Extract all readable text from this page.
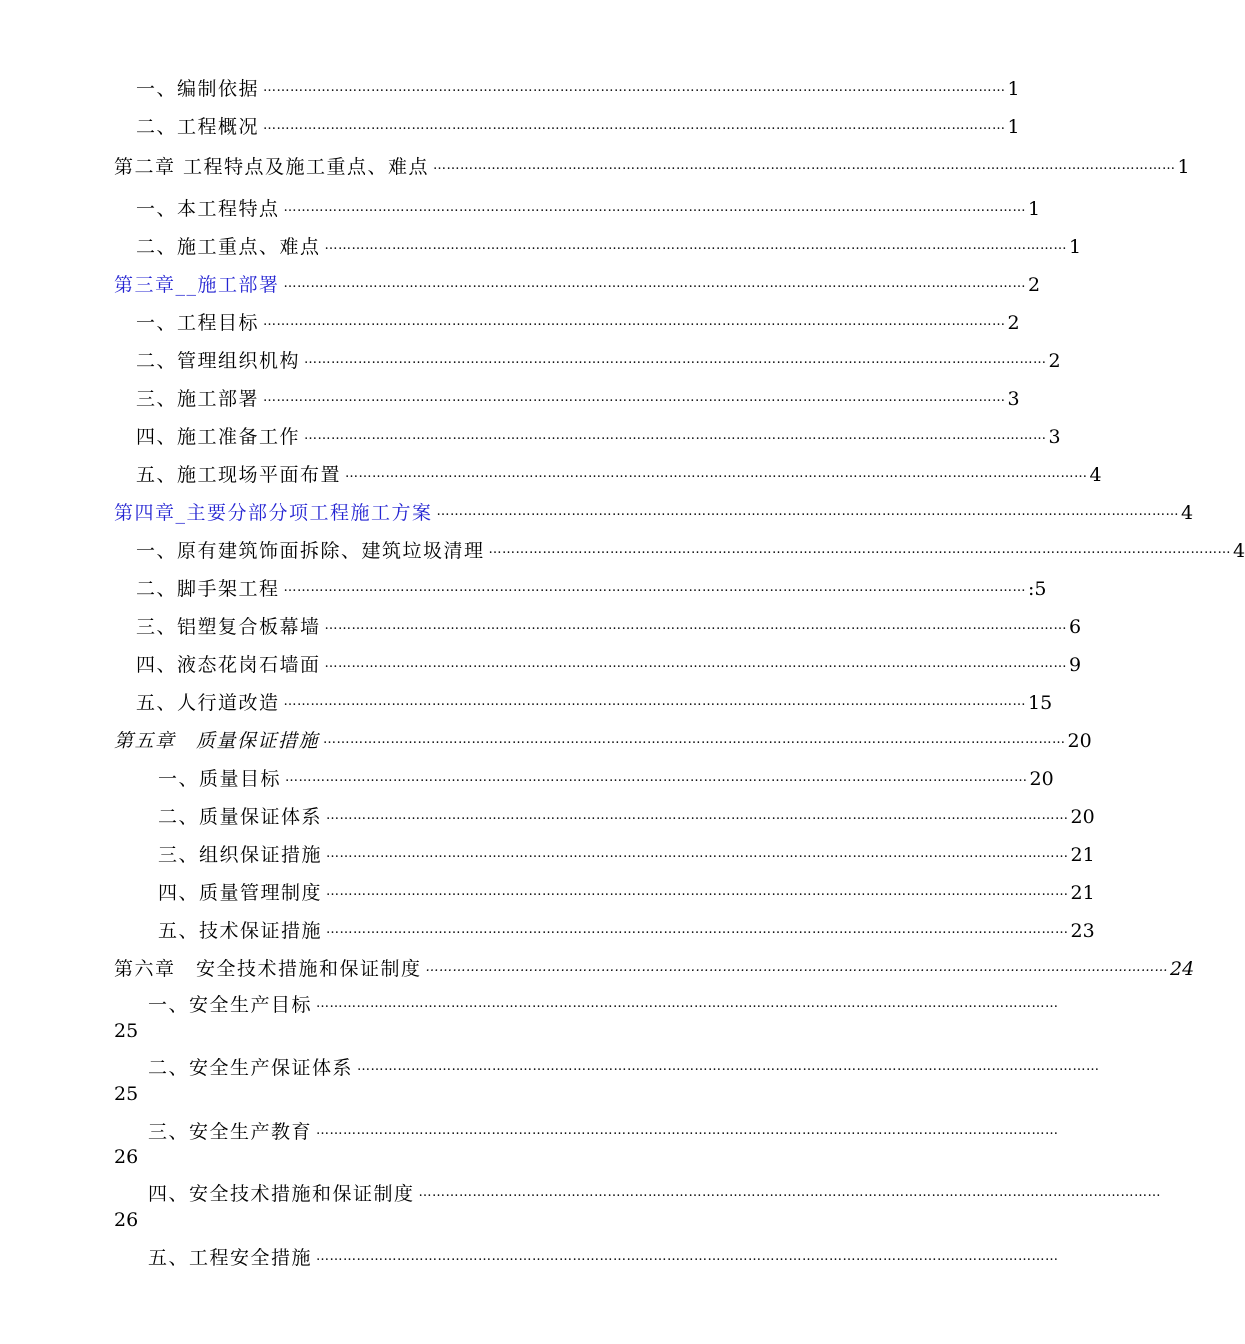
一、编制依据 ………………………………………………………………………………………………………………………………………………… 1
二、工程概况 ………………………………………………………………………………………………………………………………………………… 1
第二章 工程特点及施工重点、难点 ………………………………………………………………………………………………………………………………………………… 1
一、本工程特点 ………………………………………………………………………………………………………………………………………………… 1
二、施工重点、难点 ………………………………………………………………………………………………………………………………………………… 1
第三章__施工部署 ………………………………………………………………………………………………………………………………………………… 2
一、工程目标 ………………………………………………………………………………………………………………………………………………… 2
二、管理组织机构 ………………………………………………………………………………………………………………………………………………… 2
三、施工部署 ………………………………………………………………………………………………………………………………………………… 3
四、施工准备工作 ………………………………………………………………………………………………………………………………………………… 3
五、施工现场平面布置 ………………………………………………………………………………………………………………………………………………… 4
第四章_主要分部分项工程施工方案 ………………………………………………………………………………………………………………………………………………… 4
一、原有建筑饰面拆除、建筑垃圾清理 ………………………………………………………………………………………………………………………………………………… 4
二、脚手架工程 ………………………………………………………………………………………………………………………………………………… :5
三、铝塑复合板幕墙 ………………………………………………………………………………………………………………………………………………… 6
四、液态花岗石墙面 ………………………………………………………………………………………………………………………………………………… 9
五、人行道改造 ………………………………………………………………………………………………………………………………………………… 15
第五章　质量保证措施 ………………………………………………………………………………………………………………………………………………… 20
一、质量目标 ………………………………………………………………………………………………………………………………………………… 20
二、质量保证体系 ………………………………………………………………………………………………………………………………………………… 20
三、组织保证措施 ………………………………………………………………………………………………………………………………………………… 21
四、质量管理制度 ………………………………………………………………………………………………………………………………………………… 21
五、技术保证措施 ………………………………………………………………………………………………………………………………………………… 23
第六章　安全技术措施和保证制度 ………………………………………………………………………………………………………………………………………………… 24
一、安全生产目标 …………………………………………………………………………………………………………………………………………………
25
二、安全生产保证体系 …………………………………………………………………………………………………………………………………………………
25
三、安全生产教育 …………………………………………………………………………………………………………………………………………………
26
四、安全技术措施和保证制度 …………………………………………………………………………………………………………………………………………………
26
五、工程安全措施 …………………………………………………………………………………………………………………………………………………
